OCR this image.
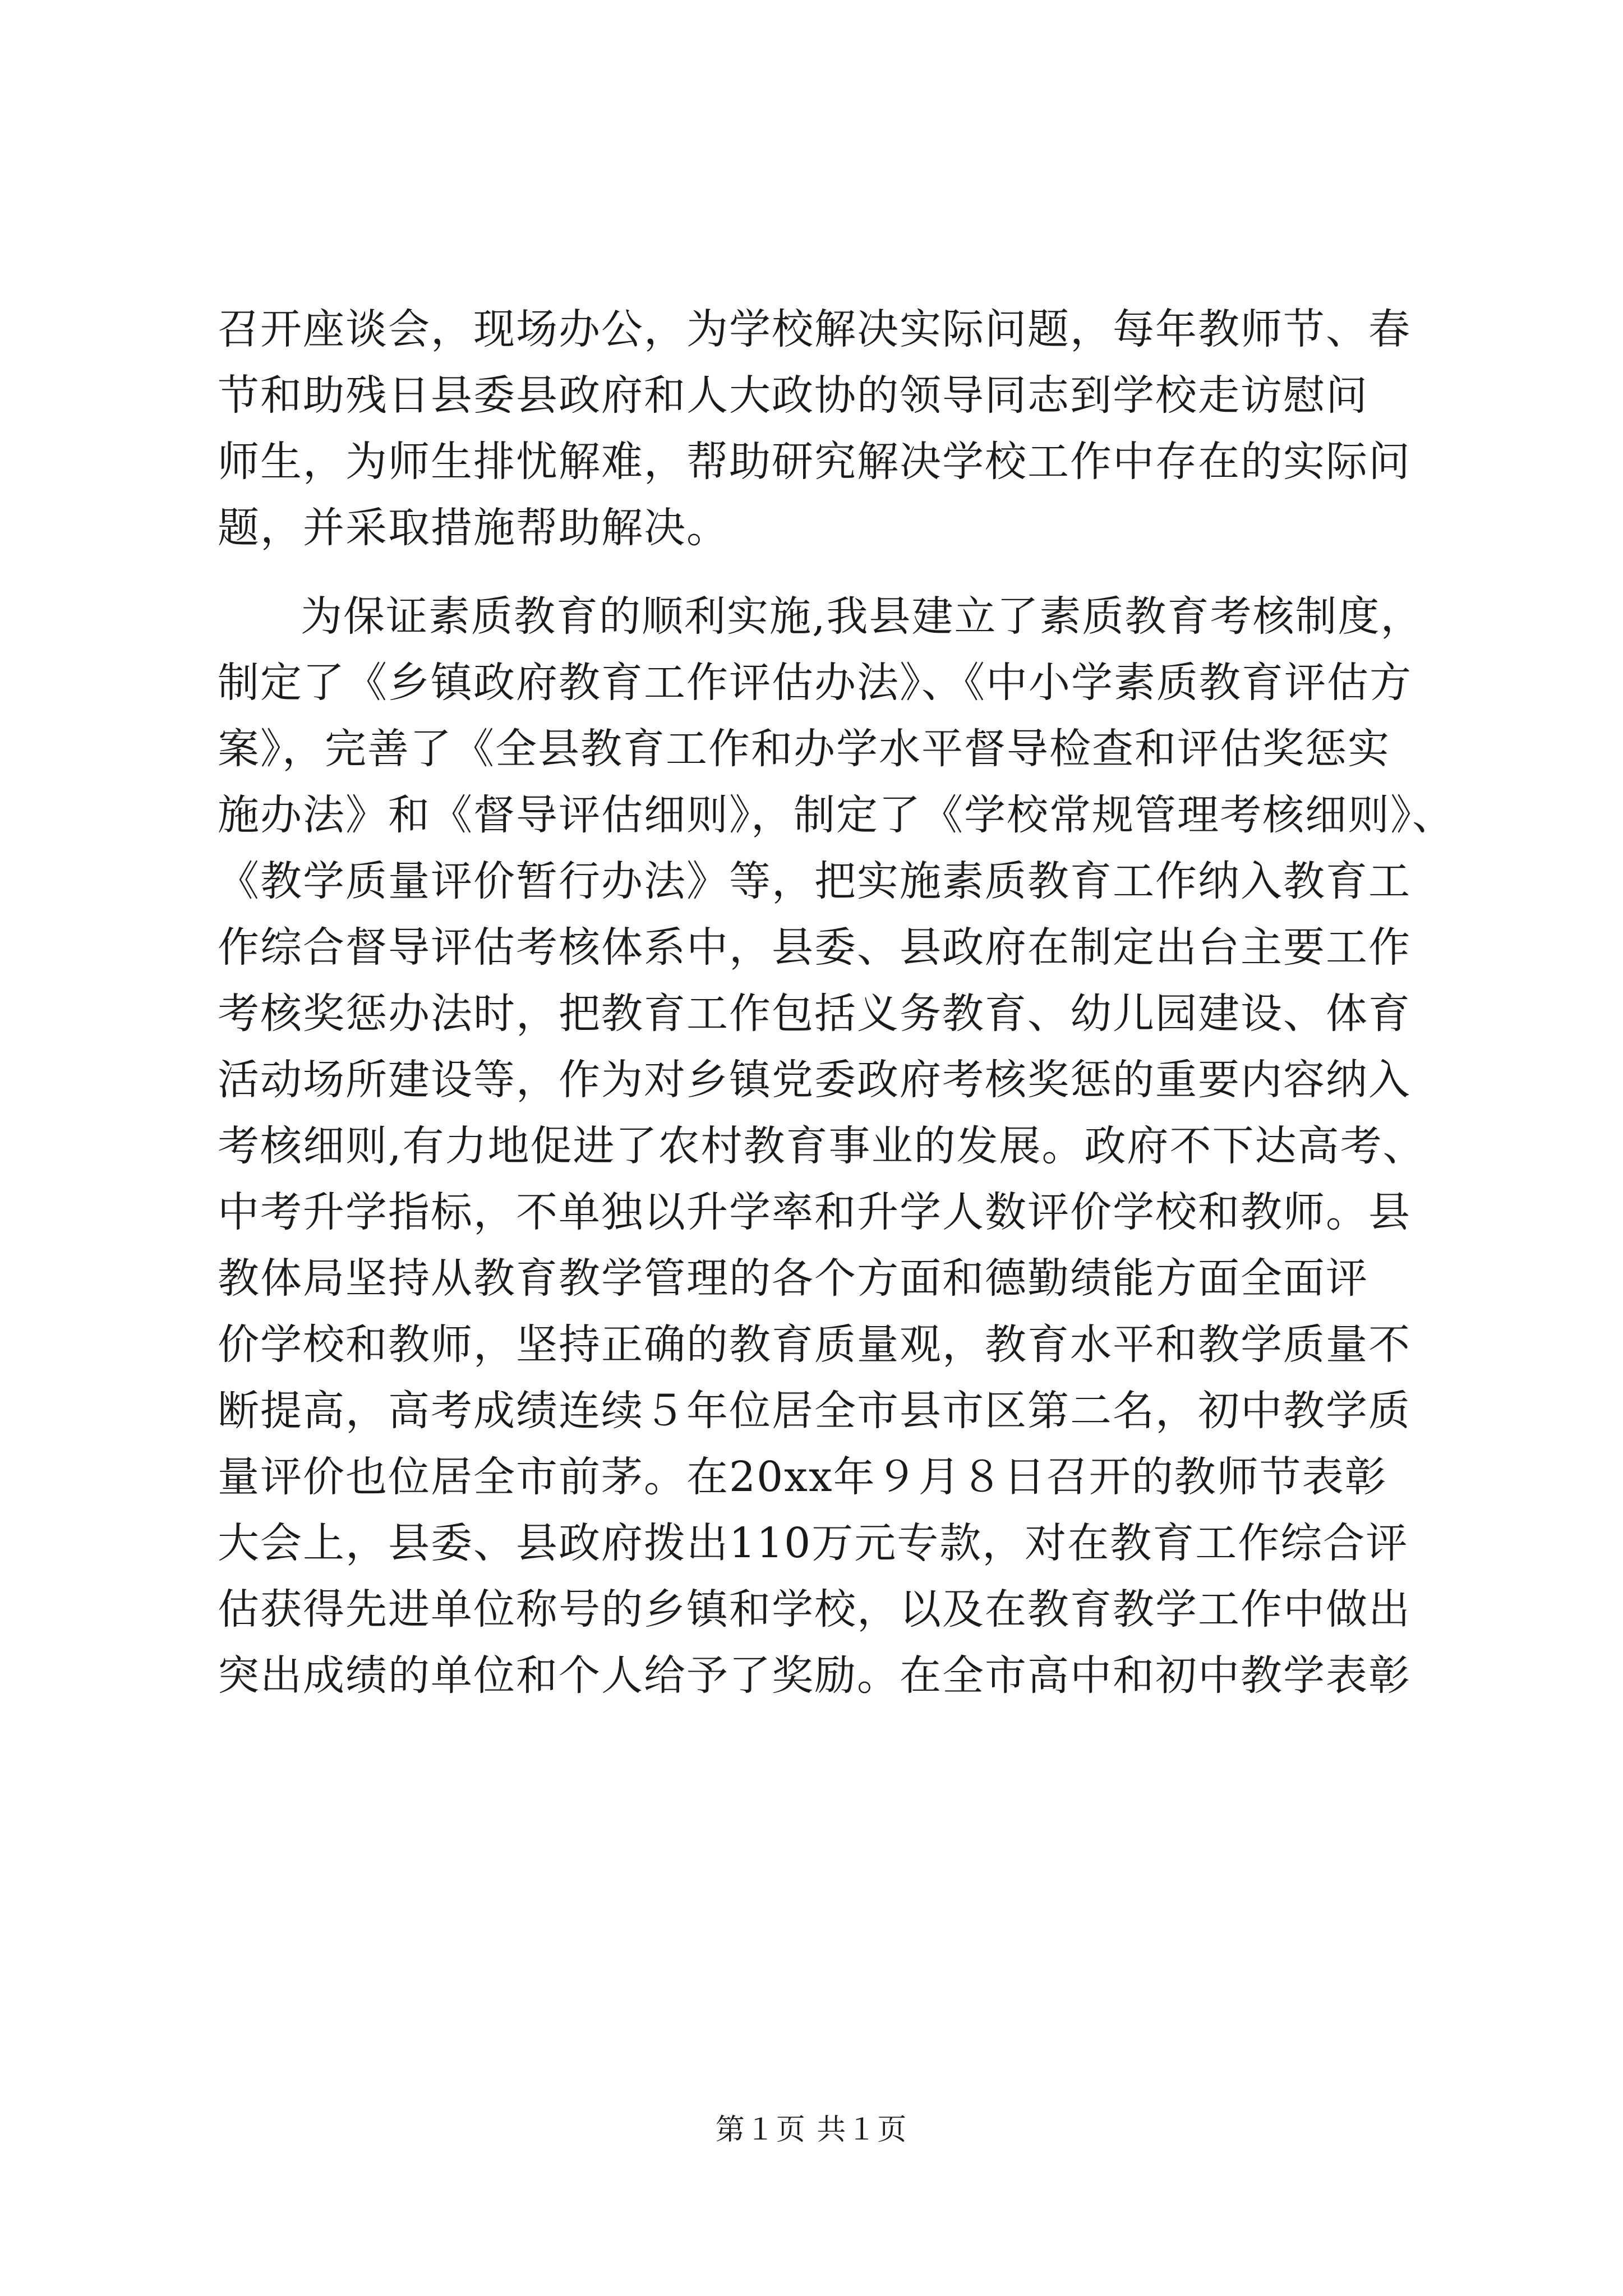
召开座谈会，现场办公，为学校解决实际问题，每年教师节、春
节和助残日县委县政府和人大政协的领导同志到学校走访慰问
师生，为师生排忧解难，帮助研究解决学校工作中存在的实际问
题，并采取措施帮助解决。
为保证素质教育的顺利实施,我县建立了素质教育考核制度，
制定了《乡镇政府教育工作评估办法》、《中小学素质教育评估方
案》，完善了《全县教育工作和办学水平督导检查和评估奖惩实
施办法》和《督导评估细则》，制定了《学校常规管理考核细则》、
《教学质量评价暂行办法》等，把实施素质教育工作纳入教育工
作综合督导评估考核体系中，县委、县政府在制定出台主要工作
考核奖惩办法时，把教育工作包括义务教育、幼儿园建设、体育
活动场所建设等，作为对乡镇党委政府考核奖惩的重要内容纳入
考核细则,有力地促进了农村教育事业的发展。政府不下达高考、
中考升学指标，不单独以升学率和升学人数评价学校和教师。县
教体局坚持从教育教学管理的各个方面和德勤绩能方面全面评
价学校和教师，坚持正确的教育质量观，教育水平和教学质量不
断提高，高考成绩连续５年位居全市县市区第二名，初中教学质
量评价也位居全市前茅。在20xx年９月８日召开的教师节表彰
大会上，县委、县政府拨出110万元专款，对在教育工作综合评
估获得先进单位称号的乡镇和学校，以及在教育教学工作中做出
突出成绩的单位和个人给予了奖励。在全市高中和初中教学表彰
第１页 共１页
